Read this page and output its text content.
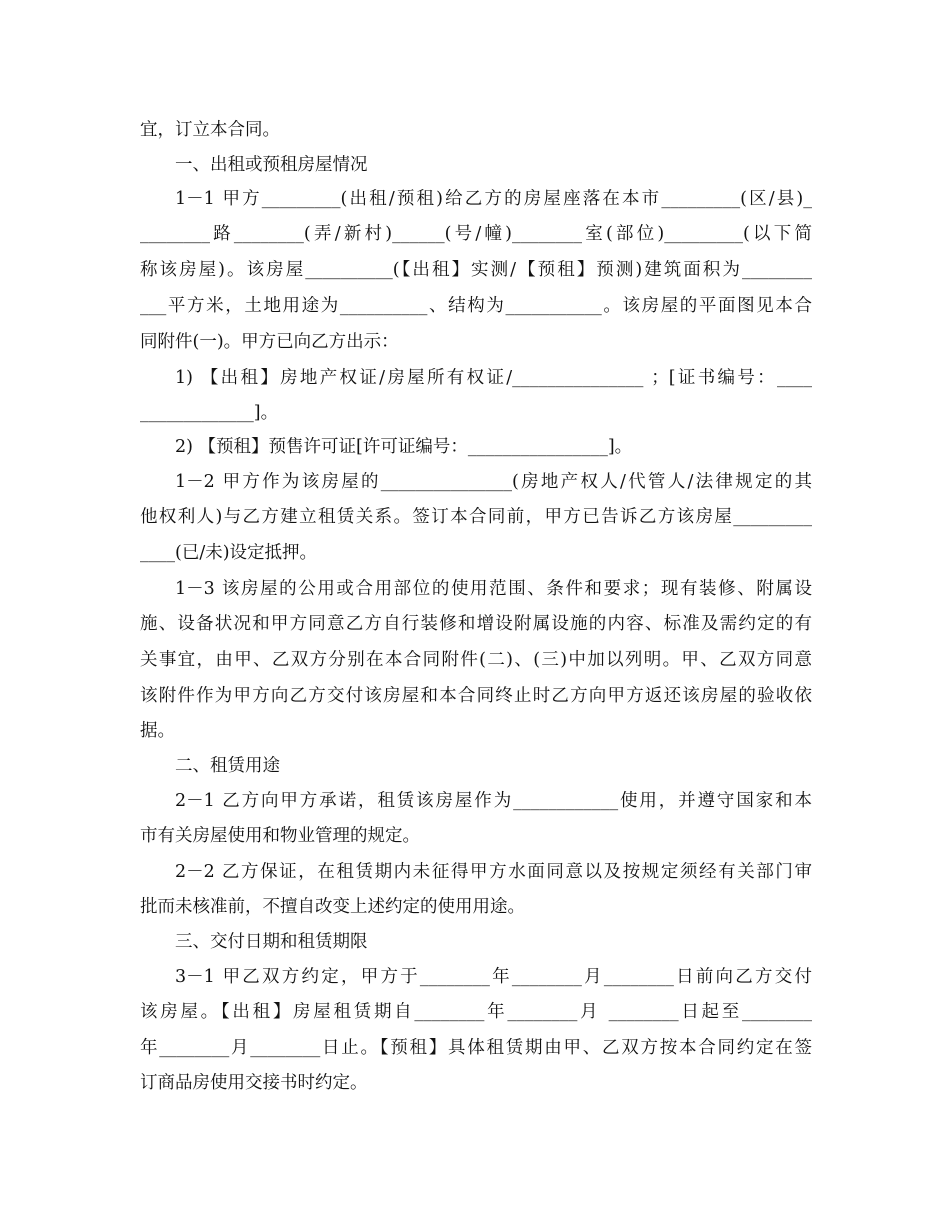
宜，订立本合同。
一、出租或预租房屋情况
1－1 甲方_________(出租/预租)给乙方的房屋座落在本市_________(区/县)_
________路________(弄/新村)______(号/幢)________室(部位)_________(以下简
称该房屋)。该房屋__________(【出租】实测/【预租】预测)建筑面积为________
___平方米，土地用途为__________、结构为___________。该房屋的平面图见本合
同附件(一)。甲方已向乙方出示：
1) 【出租】房地产权证/房屋所有权证/_______________ ；[证书编号：____
_____________]。
2) 【预租】预售许可证[许可证编号：________________]。
1－2 甲方作为该房屋的_______________(房地产权人/代管人/法律规定的其
他权利人)与乙方建立租赁关系。签订本合同前，甲方已告诉乙方该房屋_________
____(已/未)设定抵押。
1－3 该房屋的公用或合用部位的使用范围、条件和要求；现有装修、附属设
施、设备状况和甲方同意乙方自行装修和增设附属设施的内容、标准及需约定的有
关事宜，由甲、乙双方分别在本合同附件(二)、(三)中加以列明。甲、乙双方同意
该附件作为甲方向乙方交付该房屋和本合同终止时乙方向甲方返还该房屋的验收依
据。
二、租赁用途
2－1 乙方向甲方承诺，租赁该房屋作为____________使用，并遵守国家和本
市有关房屋使用和物业管理的规定。
2－2 乙方保证，在租赁期内未征得甲方水面同意以及按规定须经有关部门审
批而未核准前，不擅自改变上述约定的使用用途。
三、交付日期和租赁期限
3－1 甲乙双方约定，甲方于________年________月________日前向乙方交付
该房屋。【出租】房屋租赁期自________年________月 ________日起至________
年________月________日止。【预租】具体租赁期由甲、乙双方按本合同约定在签
订商品房使用交接书时约定。
